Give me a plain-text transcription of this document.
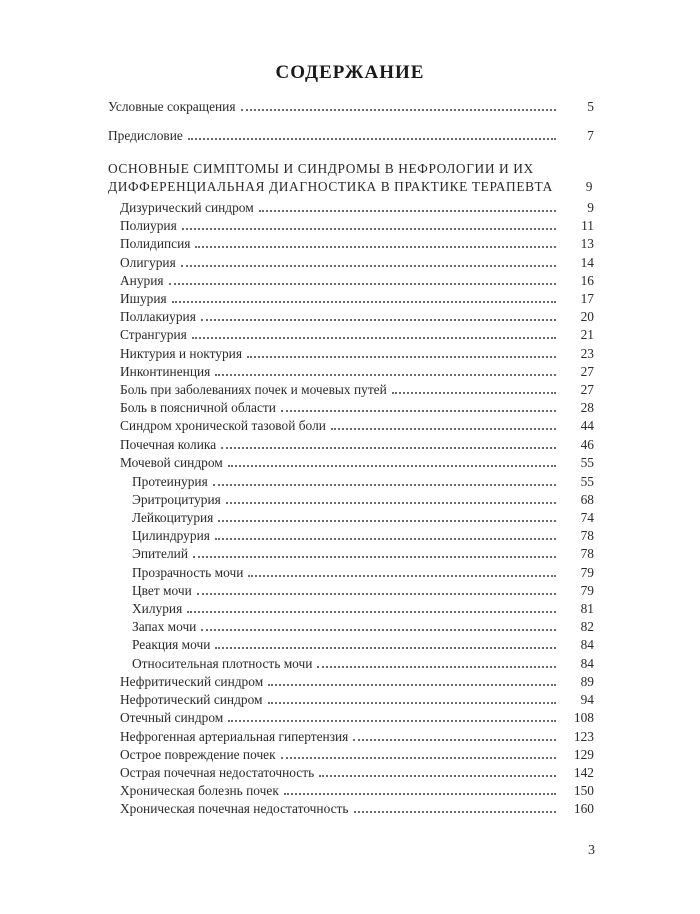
СОДЕРЖАНИЕ
Условные сокращения	5
Предисловие	7
ОСНОВНЫЕ СИМПТОМЫ И СИНДРОМЫ В НЕФРОЛОГИИ И ИХ
ДИФФЕРЕНЦИАЛЬНАЯ ДИАГНОСТИКА В ПРАКТИКЕ ТЕРАПЕВТА	9
Дизурический синдром	9
Полиурия	11
Полидипсия	13
Олигурия	14
Анурия	16
Ишурия	17
Поллакиурия	20
Странгурия	21
Никтурия и ноктурия	23
Инконтиненция	27
Боль при заболеваниях почек и мочевых путей	27
Боль в поясничной области	28
Синдром хронической тазовой боли	44
Почечная колика	46
Мочевой синдром	55
Протеинурия	55
Эритроцитурия	68
Лейкоцитурия	74
Цилиндрурия	78
Эпителий	78
Прозрачность мочи	79
Цвет мочи	79
Хилурия	81
Запах мочи	82
Реакция мочи	84
Относительная плотность мочи	84
Нефритический синдром	89
Нефротический синдром	94
Отечный синдром	108
Нефрогенная артериальная гипертензия	123
Острое повреждение почек	129
Острая почечная недостаточность	142
Хроническая болезнь почек	150
Хроническая почечная недостаточность	160
3
